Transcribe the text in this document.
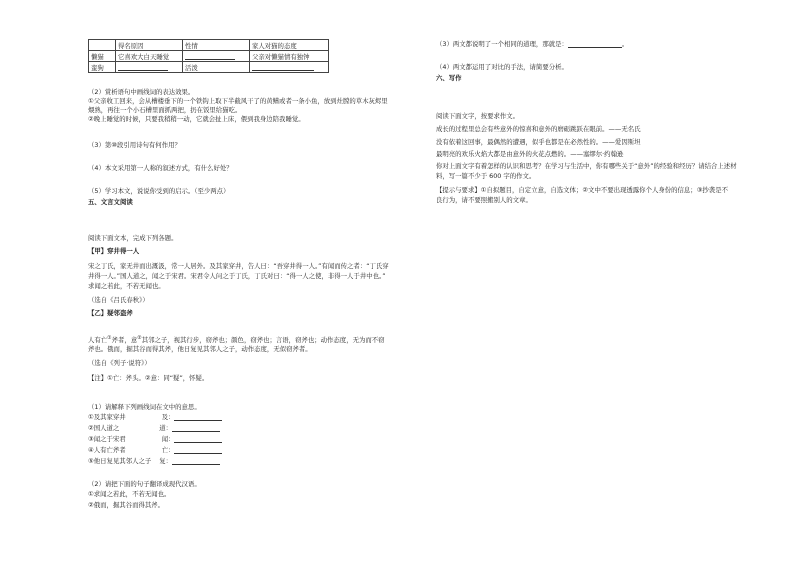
	得名原因	性情	家人对猫的态度
懒猫	它喜欢大白天睡觉		父亲对懒猫情有独钟
蛮狗		活泼	
（2）赏析语句中画线词的表达效果。
①父亲收工回来，会从槽楼垂下的一个铁钩上取下半截风干了的黄鳝或者一条小鱼，放到灶膛的草木灰烬里
煨熟，再往一个小石槽里面抓两把，扔在饭里给猫吃。
②晚上睡觉的时候，只要我稍稍一动，它就会扯上床，偎到我身边陪我睡觉。
（3）第⑩段引用诗句有何作用？
（4）本文采用第一人称的叙述方式，有什么好处？
（5）学习本文，说说你受到的启示。（至少两点）
五、文言文阅读
阅读下面文本，完成下列各题。
【甲】穿井得一人
宋之丁氏，家无井而出溉汲，常一人居外。及其家穿井，告人曰：“吾穿井得一人。”有闻而传之者：“丁氏穿
井得一人。”国人道之，闻之于宋君。宋君令人问之于丁氏，丁氏对曰：“得一人之使，非得一人于井中也。”
求闻之若此，不若无闻也。
（选自《吕氏春秋》）
【乙】疑邻盗斧
人有亡①斧者，意②其邻之子，视其行步，窃斧也；颜色，窃斧也；言语，窃斧也；动作态度，无为而不窃
斧也。俄而，掘其谷而得其斧，他日复见其邻人之子，动作态度，无似窃斧者。
（选自《列子·说符》）
【注】①亡：斧头。②意：同“疑”，怀疑。
（1）请解释下列画线词在文中的意思。
①及其家穿井	及：
②国人道之	道：
③闻之于宋君	闻：
④人有亡斧者	亡：
⑤他日复见其邻人之子 复：
（2）请把下面的句子翻译成现代汉语。
①求闻之若此，不若无闻也。
②俄而，掘其谷而得其斧。
（3）两文都说明了一个相同的道理，那就是：	。
（4）两文都运用了对比的手法，请简要分析。
六、写作
阅读下面文字，按要求作文。
成长的过程里总会有些意外的惊喜和意外的磨砺跳跃在眼前。——无名氏
没有依着这回事，最偶然的遭遇，似乎也都是在必然性的。——爱因斯坦
最明亮的欢乐火焰大都是由意外的火花点燃的。——塞缪尔·约翰逊
你对上面文字有着怎样的认识和思考？在学习与生活中，你有哪些关于“意外”的经验和经历？请结合上述材
料，写一篇不少于 600 字的作文。
【提示与要求】①自拟题目，自定立意，自选文体；②文中不要出现透露你个人身份的信息；③抄袭是不
良行为，请不要照搬别人的文章。
